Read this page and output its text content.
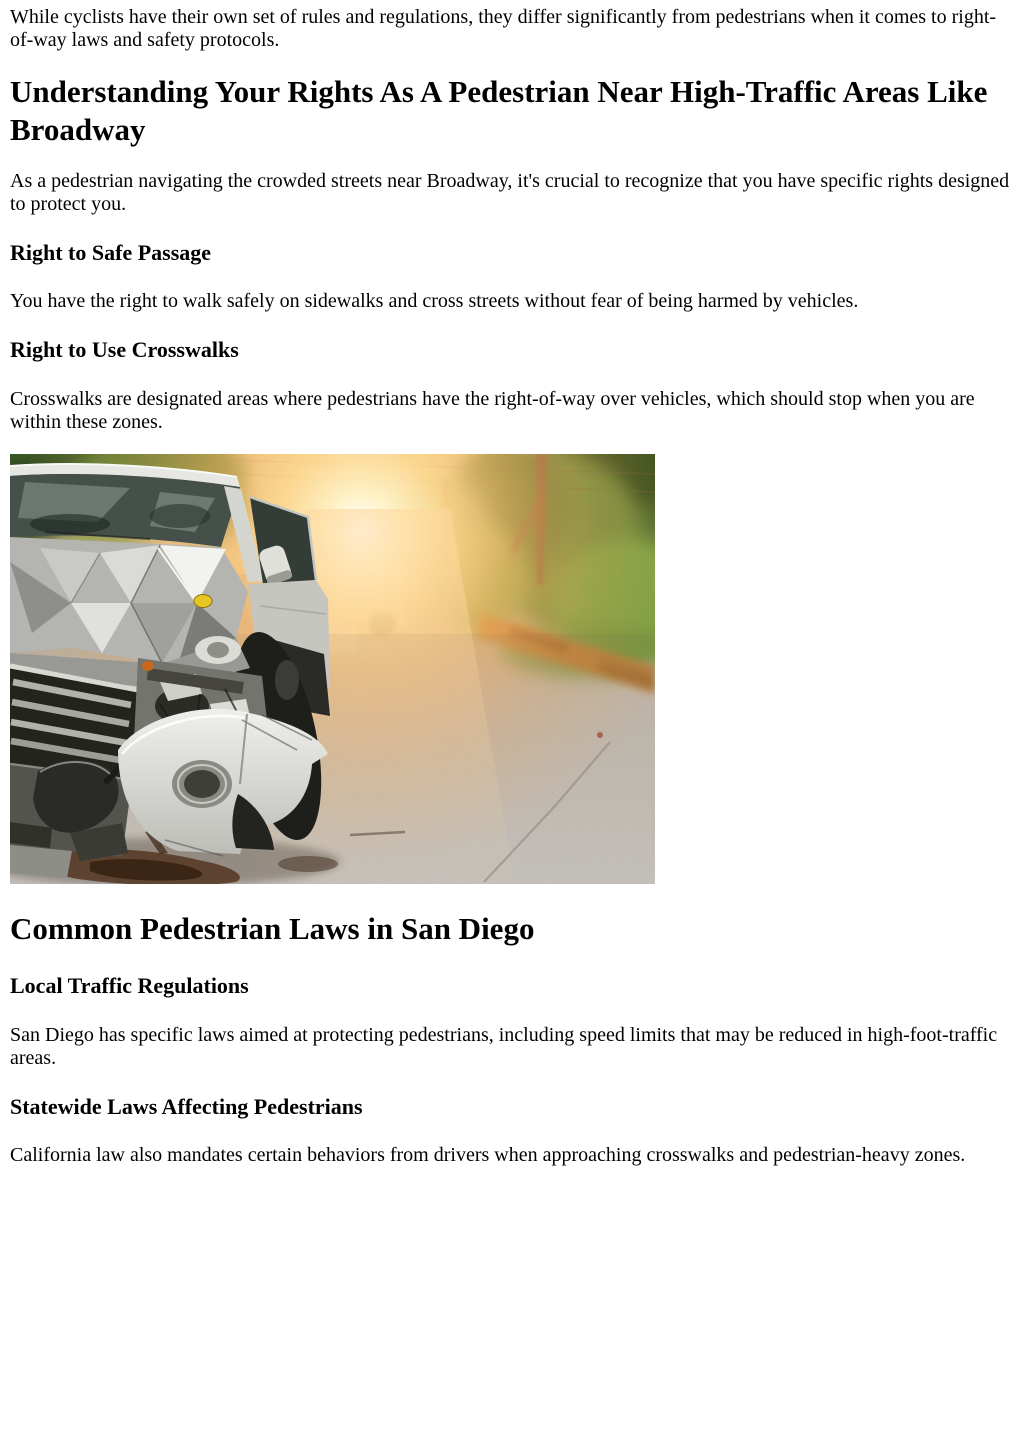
While cyclists have their own set of rules and regulations, they differ significantly from pedestrians when it comes to right-of-way laws and safety protocols.

Understanding Your Rights As A Pedestrian Near High-Traffic Areas Like Broadway

As a pedestrian navigating the crowded streets near Broadway, it's crucial to recognize that you have specific rights designed to protect you.

Right to Safe Passage

You have the right to walk safely on sidewalks and cross streets without fear of being harmed by vehicles.

Right to Use Crosswalks

Crosswalks are designated areas where pedestrians have the right-of-way over vehicles, which should stop when you are within these zones.

Common Pedestrian Laws in San Diego
Local Traffic Regulations

San Diego has specific laws aimed at protecting pedestrians, including speed limits that may be reduced in high-foot-traffic areas.

Statewide Laws Affecting Pedestrians

California law also mandates certain behaviors from drivers when approaching crosswalks and pedestrian-heavy zones.
